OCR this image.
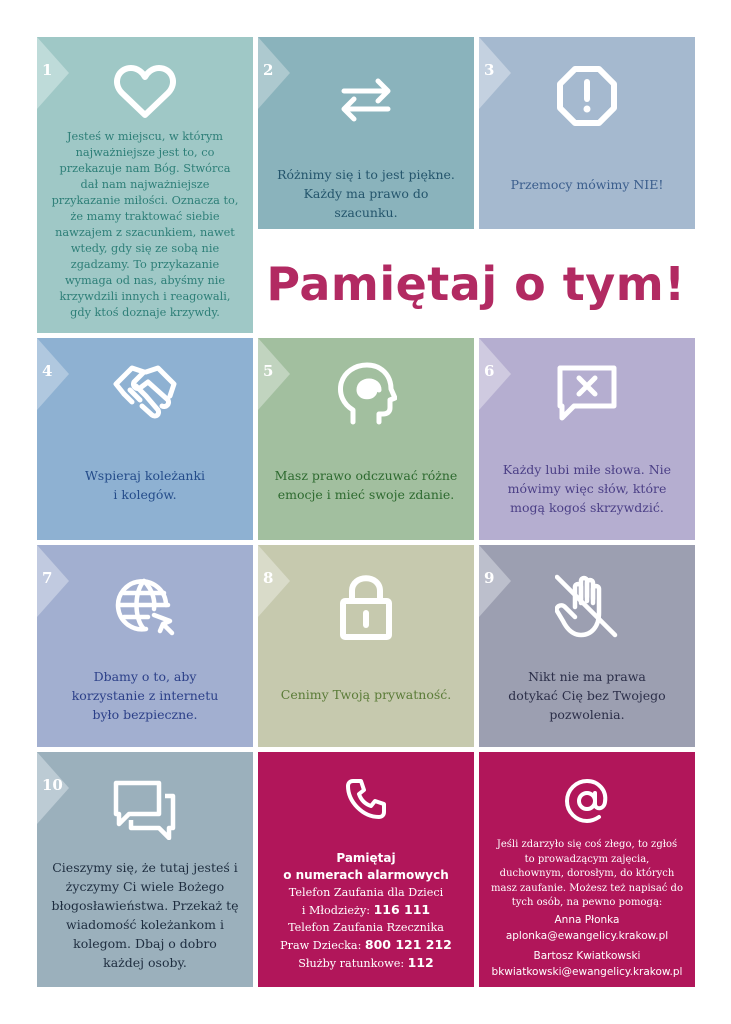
1
Jesteś w miejscu, w którym najważniejsze jest to, co przekazuje nam Bóg. Stwórca dał nam najważniejsze przykazanie miłości. Oznacza to, że mamy traktować siebie nawzajem z szacunkiem, nawet wtedy, gdy się ze sobą nie zgadzamy. To przykazanie wymaga od nas, abyśmy nie krzywdzili innych i reagowali, gdy ktoś doznaje krzywdy.
2
Różnimy się i to jest piękne. Każdy ma prawo do szacunku.
3
Przemocy mówimy NIE!
Pamiętaj o tym!
4
Wspieraj koleżanki i kolegów.
5
Masz prawo odczuwać różne emocje i mieć swoje zdanie.
6
Każdy lubi miłe słowa. Nie mówimy więc słów, które mogą kogoś skrzywdzić.
7
Dbamy o to, aby korzystanie z internetu było bezpieczne.
8
Cenimy Twoją prywatność.
9
Nikt nie ma prawa dotykać Cię bez Twojego pozwolenia.
10
Cieszymy się, że tutaj jesteś i życzymy Ci wiele Bożego błogosławieństwa. Przekaż tę wiadomość koleżankom i kolegom. Dbaj o dobro każdej osoby.
Pamiętaj
o numerach alarmowych
Telefon Zaufania dla Dzieci
i Młodzieży: 116 111
Telefon Zaufania Rzecznika
Praw Dziecka: 800 121 212
Służby ratunkowe: 112
Jeśli zdarzyło się coś złego, to zgłoś to prowadzącym zajęcia, duchownym, dorosłym, do których masz zaufanie. Możesz też napisać do tych osób, na pewno pomogą:
Anna Płonka
aplonka@ewangelicy.krakow.pl
Bartosz Kwiatkowski
bkwiatkowski@ewangelicy.krakow.pl
